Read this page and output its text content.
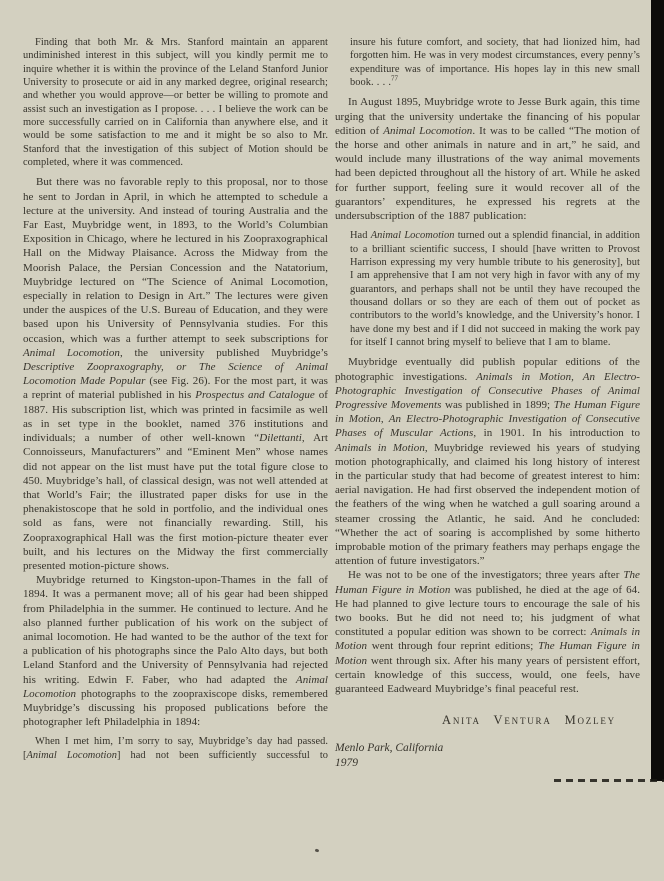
Finding that both Mr. & Mrs. Stanford maintain an apparent undiminished interest in this subject, will you kindly permit me to inquire whether it is within the province of the Leland Stanford Junior University to prosecute or aid in any marked degree, original research; and whether you would approve—or better be willing to promote and assist such an investigation as I propose. . . . I believe the work can be more successfully carried on in California than anywhere else, and it would be some satisfaction to me and it might be so also to Mr. Stanford that the investigation of this subject of Motion should be completed, where it was commenced.
But there was no favorable reply to this proposal, nor to those he sent to Jordan in April, in which he attempted to schedule a lecture at the university. And instead of touring Australia and the Far East, Muybridge went, in 1893, to the World’s Columbian Exposition in Chicago, where he lectured in his Zoopraxographical Hall on the Midway Plaisance. Across the Midway from the Moorish Palace, the Persian Concession and the Natatorium, Muybridge lectured on “The Science of Animal Locomotion, especially in relation to Design in Art.” The lectures were given under the auspices of the U.S. Bureau of Education, and they were based upon his University of Pennsylvania studies. For this occasion, which was a further attempt to seek subscriptions for Animal Locomotion, the university published Muybridge’s Descriptive Zoopraxography, or The Science of Animal Locomotion Made Popular (see Fig. 26). For the most part, it was a reprint of material published in his Prospectus and Catalogue of 1887. His subscription list, which was printed in facsimile as well as in set type in the booklet, named 376 institutions and individuals; a number of other well-known “Dilettanti, Art Connoisseurs, Manufacturers” and “Eminent Men” whose names did not appear on the list must have put the total figure close to 450. Muybridge’s hall, of classical design, was not well attended at that World’s Fair; the illustrated paper disks for use in the phenakistoscope that he sold in portfolio, and the individual ones sold as fans, were not financially rewarding. Still, his Zoopraxographical Hall was the first motion-picture theater ever built, and his lectures on the Midway the first commercially presented motion-picture shows.
Muybridge returned to Kingston-upon-Thames in the fall of 1894. It was a permanent move; all of his gear had been shipped from Philadelphia in the summer. He continued to lecture. And he also planned further publication of his work on the subject of animal locomotion. He had wanted to be the author of the text for a publication of his photographs since the Palo Alto days, but both Leland Stanford and the University of Pennsylvania had rejected his writing. Edwin F. Faber, who had adapted the Animal Locomotion photographs to the zoopraxiscope disks, remembered Muybridge’s discussing his proposed publications before the photographer left Philadelphia in 1894:
When I met him, I’m sorry to say, Muybridge’s day had passed. [Animal Locomotion] had not been sufficiently successful to
insure his future comfort, and society, that had lionized him, had forgotten him. He was in very modest circumstances, every penny’s expenditure was of importance. His hopes lay in this new small book. . . .$^{77}$
In August 1895, Muybridge wrote to Jesse Burk again, this time urging that the university undertake the financing of his popular edition of Animal Locomotion. It was to be called “The motion of the horse and other animals in nature and in art,” he said, and would include many illustrations of the way animal movements had been depicted throughout all the history of art. While he asked for further support, feeling sure it would recover all of the guarantors’ expenditures, he expressed his regrets at the undersubscription of the 1887 publication:
Had Animal Locomotion turned out a splendid financial, in addition to a brilliant scientific success, I should [have written to Provost Harrison expressing my very humble tribute to his generosity], but I am apprehensive that I am not very high in favor with any of my guarantors, and perhaps shall not be until they have recouped the thousand dollars or so they are each of them out of pocket as contributors to the world’s knowledge, and the University’s honor. I have done my best and if I did not succeed in making the work pay for itself I cannot bring myself to believe that I am to blame.
Muybridge eventually did publish popular editions of the photographic investigations. Animals in Motion, An Electro-Photographic Investigation of Consecutive Phases of Animal Progressive Movements was published in 1899; The Human Figure in Motion, An Electro-Photographic Investigation of Consecutive Phases of Muscular Actions, in 1901. In his introduction to Animals in Motion, Muybridge reviewed his years of studying motion photographically, and claimed his long history of interest in the particular study that had become of greatest interest to him: aerial navigation. He had first observed the independent motion of the feathers of the wing when he watched a gull soaring around a steamer crossing the Atlantic, he said. And he concluded: “Whether the act of soaring is accomplished by some hitherto improbable motion of the primary feathers may perhaps engage the attention of future investigators.”
He was not to be one of the investigators; three years after The Human Figure in Motion was published, he died at the age of 64. He had planned to give lecture tours to encourage the sale of his two books. But he did not need to; his judgment of what constituted a popular edition was shown to be correct: Animals in Motion went through four reprint editions; The Human Figure in Motion went through six. After his many years of persistent effort, certain knowledge of this success, would, one feels, have guaranteed Eadweard Muybridge’s final peaceful rest.
Anita Ventura Mozley
Menlo Park, California
1979
